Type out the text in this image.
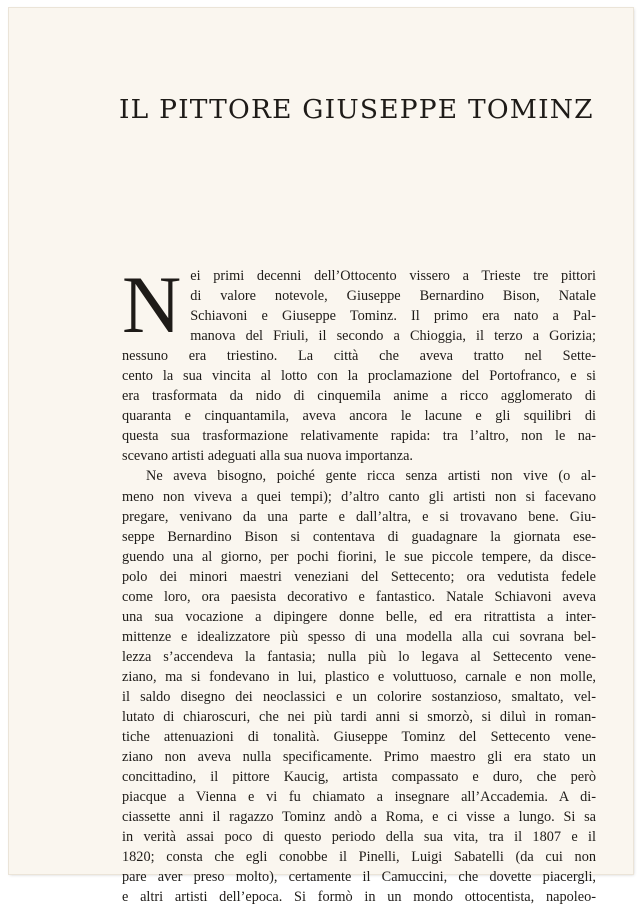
IL PITTORE GIUSEPPE TOMINZ
N ei primi decenni dell’Ottocento vissero a Trieste tre pittori

di valore notevole, Giuseppe Bernardino Bison, Natale

Schiavoni e Giuseppe Tominz. Il primo era nato a Pal-

manova del Friuli, il secondo a Chioggia, il terzo a Gorizia;

nessuno era triestino. La città che aveva tratto nel Sette-

cento la sua vincita al lotto con la proclamazione del Portofranco, e si

era trasformata da nido di cinquemila anime a ricco agglomerato di

quaranta e cinquantamila, aveva ancora le lacune e gli squilibri di

questa sua trasformazione relativamente rapida: tra l’altro, non le na-

scevano artisti adeguati alla sua nuova importanza.

Ne aveva bisogno, poiché gente ricca senza artisti non vive (o al-

meno non viveva a quei tempi); d’altro canto gli artisti non si facevano

pregare, venivano da una parte e dall’altra, e si trovavano bene. Giu-

seppe Bernardino Bison si contentava di guadagnare la giornata ese-

guendo una al giorno, per pochi fiorini, le sue piccole tempere, da disce-

polo dei minori maestri veneziani del Settecento; ora vedutista fedele

come loro, ora paesista decorativo e fantastico. Natale Schiavoni aveva

una sua vocazione a dipingere donne belle, ed era ritrattista a inter-

mittenze e idealizzatore più spesso di una modella alla cui sovrana bel-

lezza s’accendeva la fantasia; nulla più lo legava al Settecento vene-

ziano, ma si fondevano in lui, plastico e voluttuoso, carnale e non molle,

il saldo disegno dei neoclassici e un colorire sostanzioso, smaltato, vel-

lutato di chiaroscuri, che nei più tardi anni si smorzò, si diluì in roman-

tiche attenuazioni di tonalità. Giuseppe Tominz del Settecento vene-

ziano non aveva nulla specificamente. Primo maestro gli era stato un

concittadino, il pittore Kaucig, artista compassato e duro, che però

piacque a Vienna e vi fu chiamato a insegnare all’Accademia. A di-

ciassette anni il ragazzo Tominz andò a Roma, e ci visse a lungo. Si sa

in verità assai poco di questo periodo della sua vita, tra il 1807 e il

1820; consta che egli conobbe il Pinelli, Luigi Sabatelli (da cui non

pare aver preso molto), certamente il Camuccini, che dovette piacergli,

e altri artisti dell’epoca. Si formò in un mondo ottocentista, napoleo-
